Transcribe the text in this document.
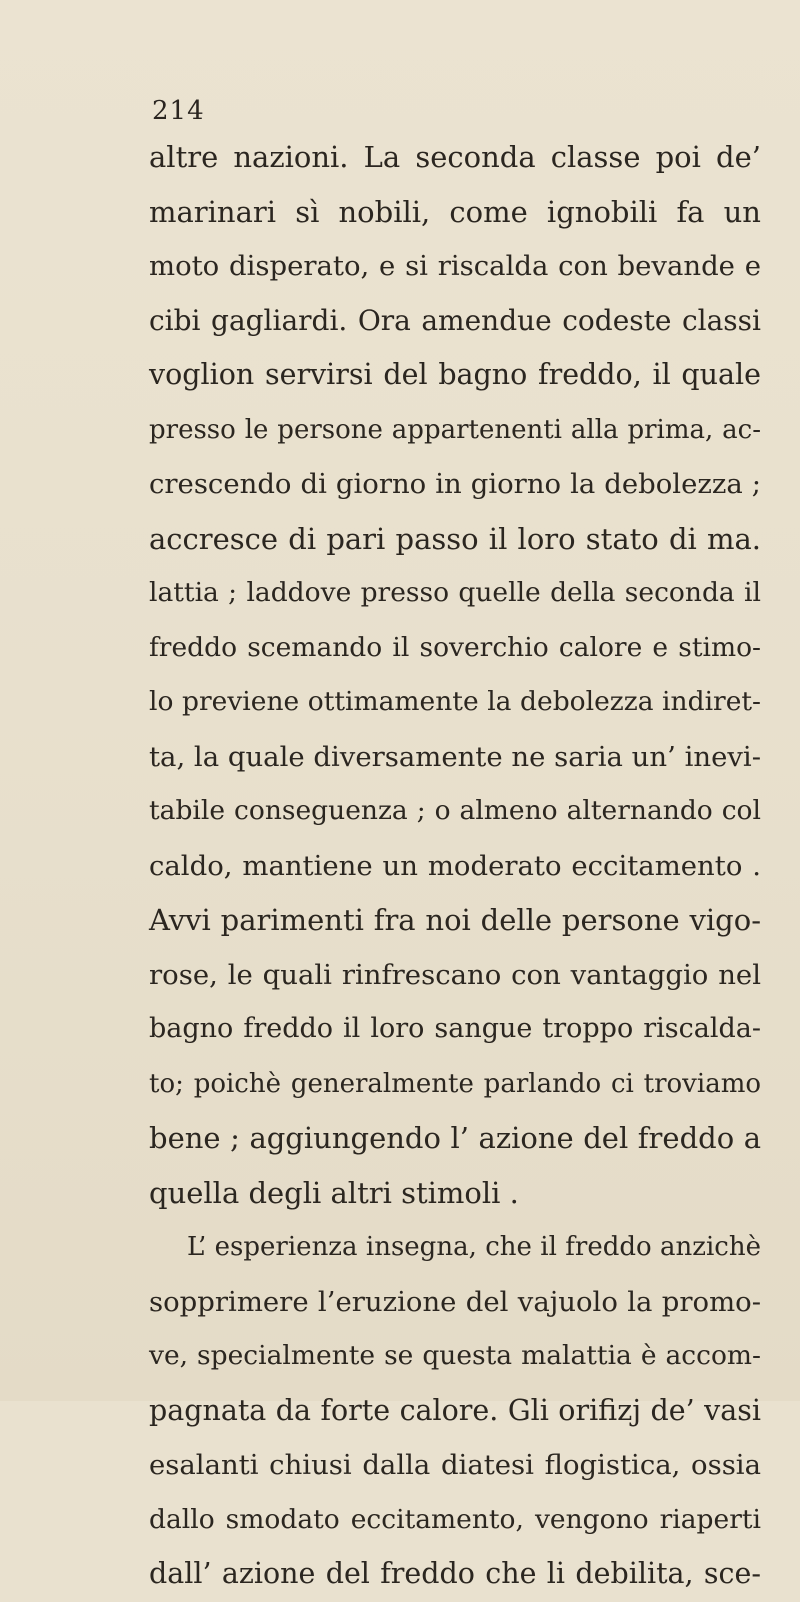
214
altre nazioni. La seconda classe poi de’
marinari sì nobili, come ignobili fa un
moto disperato, e si riscalda con bevande e
cibi gagliardi. Ora amendue codeste classi
voglion servirsi del bagno freddo, il quale
presso le persone appartenenti alla prima, ac-
crescendo di giorno in giorno la debolezza ;
accresce di pari passo il loro stato di ma.
lattia ; laddove presso quelle della seconda il
freddo scemando il soverchio calore e stimo-
lo previene ottimamente la debolezza indiret-
ta, la quale diversamente ne saria un’ inevi-
tabile conseguenza ; o almeno alternando col
caldo, mantiene un moderato eccitamento .
Avvi parimenti fra noi delle persone vigo-
rose, le quali rinfrescano con vantaggio nel
bagno freddo il loro sangue troppo riscalda-
to; poichè generalmente parlando ci troviamo
bene ; aggiungendo l’ azione del freddo a
quella degli altri stimoli .
L’ esperienza insegna, che il freddo anzichè
sopprimere l’eruzione del vajuolo la promo-
ve, specialmente se questa malattia è accom-
pagnata da forte calore. Gli orifizj de’ vasi
esalanti chiusi dalla diatesi flogistica, ossia
dallo smodato eccitamento, vengono riaperti
dall’ azione del freddo che li debilita, sce-
